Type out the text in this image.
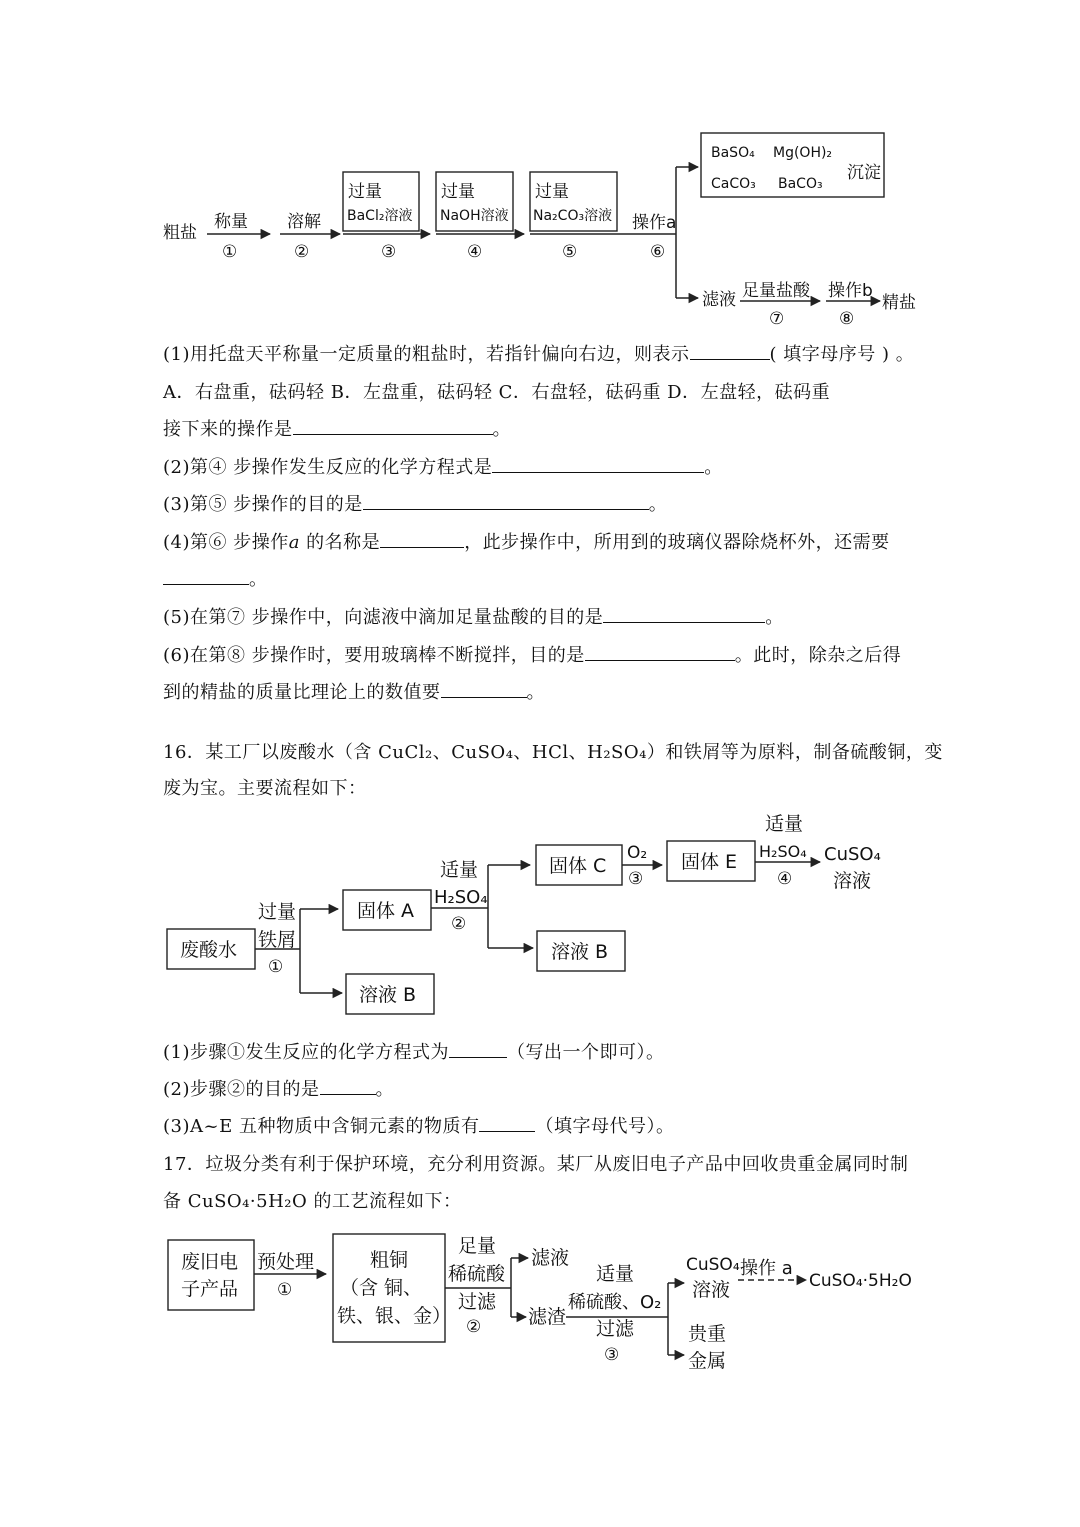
粗盐
称量
①
溶解
②
过量
BaCl₂溶液
③
过量
NaOH溶液
④
过量
Na₂CO₃溶液
⑤
操作a
⑥
BaSO₄ Mg(OH)₂
CaCO₃ BaCO₃
沉淀
滤液 足量盐酸
⑦
操作b
⑧
精盐
(1)用托盘天平称量一定质量的粗盐时，若指针偏向右边，则表示	( 填字母序号 ) 。
A．右盘重，砝码轻 B．左盘重，砝码轻 C．右盘轻，砝码重 D．左盘轻，砝码重
接下来的操作是	。
(2)第④ 步操作发生反应的化学方程式是	。
(3)第⑤ 步操作的目的是	。
(4)第⑥ 步操作a 的名称是	，此步操作中，所用到的玻璃仪器除烧杯外，还需要
。
(5)在第⑦ 步操作中，向滤液中滴加足量盐酸的目的是	。
(6)在第⑧ 步操作时，要用玻璃棒不断搅拌，目的是	。此时，除杂之后得
到的精盐的质量比理论上的数值要	。
16．某工厂以废酸水（含 CuCl₂、CuSO₄、HCl、H₂SO₄）和铁屑等为原料，制备硫酸铜，变
废为宝。主要流程如下：
废酸水
过量
铁屑
①
固体 A
溶液 B
适量
H₂SO₄
②
固体 C
溶液 B
O₂
③
固体 E
适量
H₂SO₄
④
CuSO₄
溶液
(1)步骤①发生反应的化学方程式为	（写出一个即可）。
(2)步骤②的目的是	。
(3)A~E 五种物质中含铜元素的物质有	（填字母代号）。
17．垃圾分类有利于保护环境，充分利用资源。某厂从废旧电子产品中回收贵重金属同时制
备 CuSO₄·5H₂O 的工艺流程如下：
废旧电
子产品
预处理
①
粗铜
（含 铜、
铁、银、金）
足量
稀硫酸
过滤
②
滤液
滤渣
适量
稀硫酸、O₂
过滤
③
CuSO₄
溶液
操作 a
CuSO₄·5H₂O
贵重
金属
